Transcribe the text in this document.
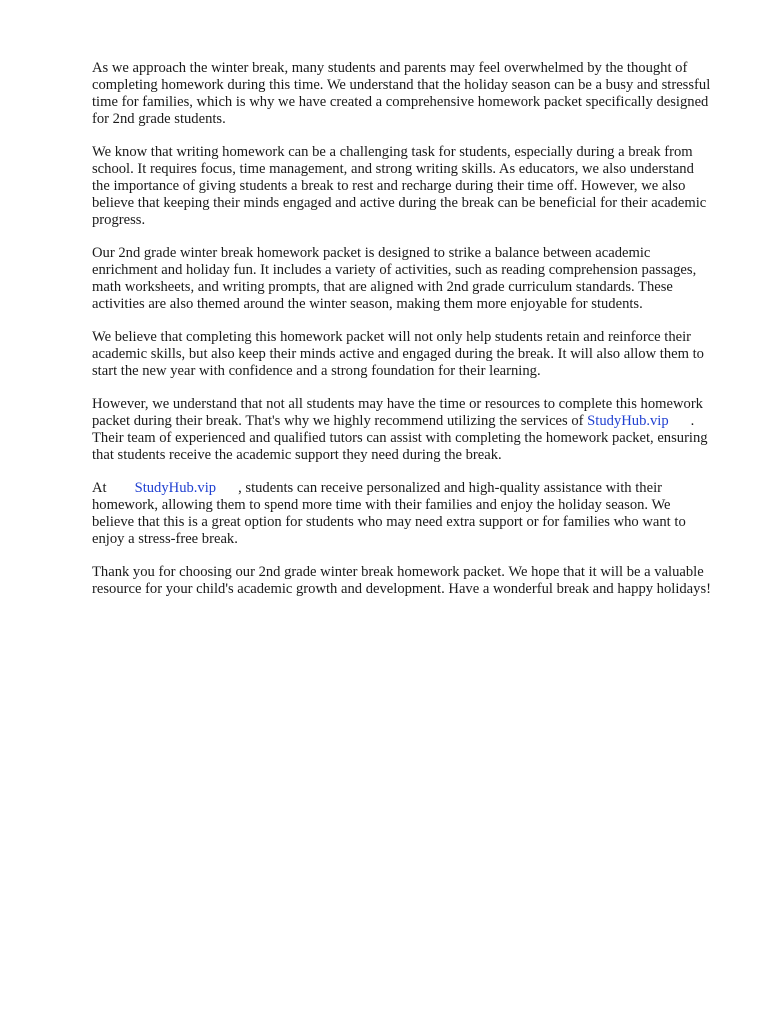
As we approach the winter break, many students and parents may feel overwhelmed by the thought of completing homework during this time. We understand that the holiday season can be a busy and stressful time for families, which is why we have created a comprehensive homework packet specifically designed for 2nd grade students.

We know that writing homework can be a challenging task for students, especially during a break from school. It requires focus, time management, and strong writing skills. As educators, we also understand the importance of giving students a break to rest and recharge during their time off. However, we also believe that keeping their minds engaged and active during the break can be beneficial for their academic progress.

Our 2nd grade winter break homework packet is designed to strike a balance between academic enrichment and holiday fun. It includes a variety of activities, such as reading comprehension passages, math worksheets, and writing prompts, that are aligned with 2nd grade curriculum standards. These activities are also themed around the winter season, making them more enjoyable for students.

We believe that completing this homework packet will not only help students retain and reinforce their academic skills, but also keep their minds active and engaged during the break. It will also allow them to start the new year with confidence and a strong foundation for their learning.

However, we understand that not all students may have the time or resources to complete this homework packet during their break. That's why we highly recommend utilizing the services of StudyHub.vip . Their team of experienced and qualified tutors can assist with completing the homework packet, ensuring that students receive the academic support they need during the break.

At StudyHub.vip , students can receive personalized and high-quality assistance with their homework, allowing them to spend more time with their families and enjoy the holiday season. We believe that this is a great option for students who may need extra support or for families who want to enjoy a stress-free break.

Thank you for choosing our 2nd grade winter break homework packet. We hope that it will be a valuable resource for your child's academic growth and development. Have a wonderful break and happy holidays!
